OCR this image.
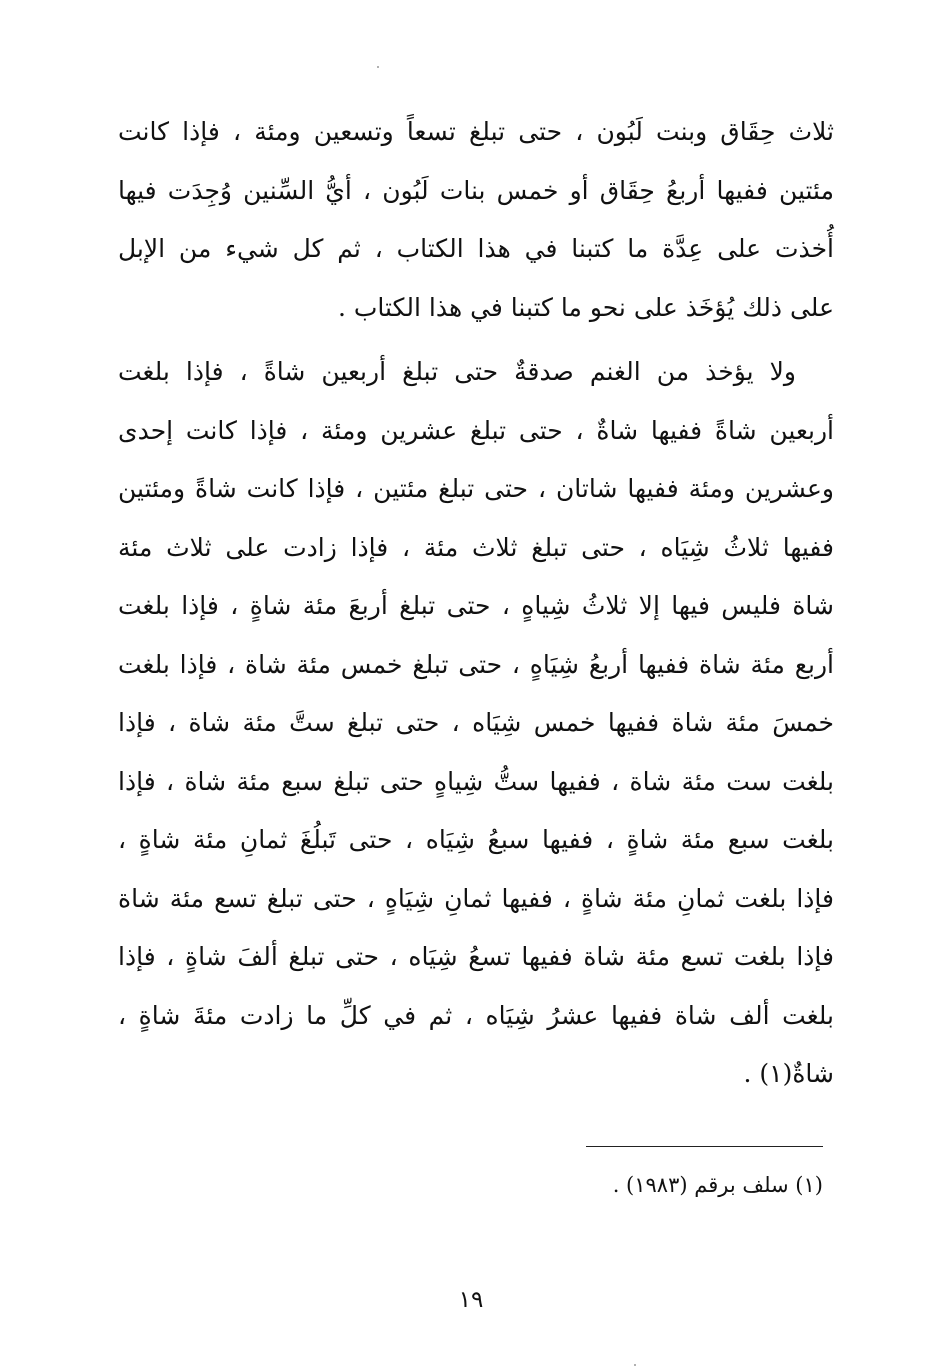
ثلاث حِقَاق وبنت لَبُون ، حتى تبلغ تسعاً وتسعين ومئة ، فإذا كانت
مئتين ففيها أربعُ حِقَاق أو خمس بنات لَبُون ، أيُّ السِّنين وُجِدَت فيها
أُخذت على عِدَّة ما كتبنا في هذا الكتاب ، ثم كل شيء من الإبل
على ذلك يُؤخَذ على نحو ما كتبنا في هذا الكتاب .

ولا يؤخذ من الغنم صدقةٌ حتى تبلغ أربعين شاةً ، فإذا بلغت
أربعين شاةً ففيها شاةٌ ، حتى تبلغ عشرين ومئة ، فإذا كانت إحدى
وعشرين ومئة ففيها شاتان ، حتى تبلغ مئتين ، فإذا كانت شاةً ومئتين
ففيها ثلاثُ شِيَاه ، حتى تبلغ ثلاث مئة ، فإذا زادت على ثلاث مئة
شاة فليس فيها إلا ثلاثُ شِياهٍ ، حتى تبلغ أربعَ مئة شاةٍ ، فإذا بلغت
أربع مئة شاة ففيها أربعُ شِيَاهٍ ، حتى تبلغ خمس مئة شاة ، فإذا بلغت
خمسَ مئة شاة ففيها خمس شِيَاه ، حتى تبلغ ستَّ مئة شاة ، فإذا
بلغت ست مئة شاة ، ففيها ستُّ شِياهٍ حتى تبلغ سبع مئة شاة ، فإذا
بلغت سبع مئة شاةٍ ، ففيها سبعُ شِيَاه ، حتى تَبلُغَ ثمانِ مئة شاةٍ ،
فإذا بلغت ثمانِ مئة شاةٍ ، ففيها ثمانِ شِيَاهٍ ، حتى تبلغ تسع مئة شاة
فإذا بلغت تسع مئة شاة ففيها تسعُ شِيَاه ، حتى تبلغ ألفَ شاةٍ ، فإذا
بلغت ألف شاة ففيها عشرُ شِيَاه ، ثم في كلِّ ما زادت مئةَ شاةٍ ،
شاةٌ(١) .

(١) سلف برقم (١٩٨٣) .
١٩
